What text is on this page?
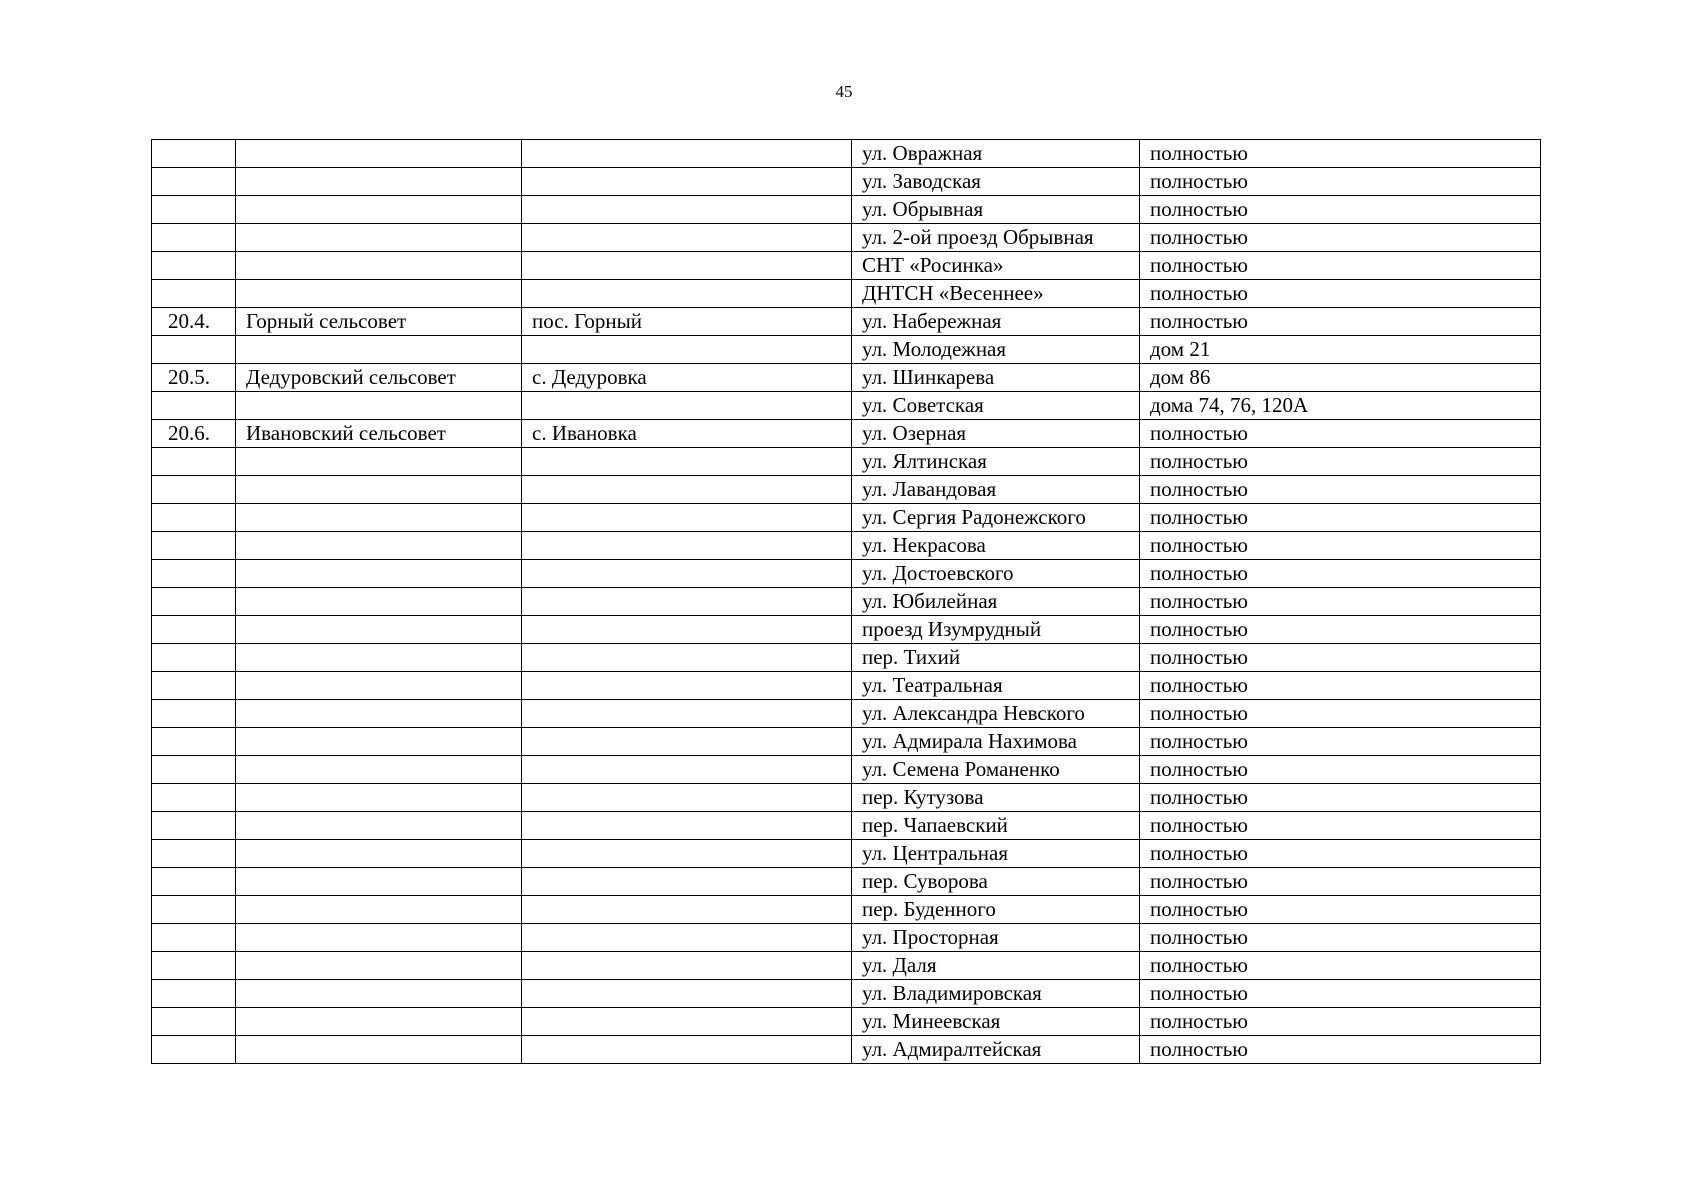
45
			ул. Овражная	полностью
			ул. Заводская	полностью
			ул. Обрывная	полностью
			ул. 2-ой проезд Обрывная	полностью
			СНТ «Росинка»	полностью
			ДНТСН «Весеннее»	полностью
20.4.	Горный сельсовет	пос. Горный	ул. Набережная	полностью
			ул. Молодежная	дом 21
20.5.	Дедуровский сельсовет	с. Дедуровка	ул. Шинкарева	дом 86
			ул. Советская	дома 74, 76, 120А
20.6.	Ивановский сельсовет	с. Ивановка	ул. Озерная	полностью
			ул. Ялтинская	полностью
			ул. Лавандовая	полностью
			ул. Сергия Радонежского	полностью
			ул. Некрасова	полностью
			ул. Достоевского	полностью
			ул. Юбилейная	полностью
			проезд Изумрудный	полностью
			пер. Тихий	полностью
			ул. Театральная	полностью
			ул. Александра Невского	полностью
			ул. Адмирала Нахимова	полностью
			ул. Семена Романенко	полностью
			пер. Кутузова	полностью
			пер. Чапаевский	полностью
			ул. Центральная	полностью
			пер. Суворова	полностью
			пер. Буденного	полностью
			ул. Просторная	полностью
			ул. Даля	полностью
			ул. Владимировская	полностью
			ул. Минеевская	полностью
			ул. Адмиралтейская	полностью
